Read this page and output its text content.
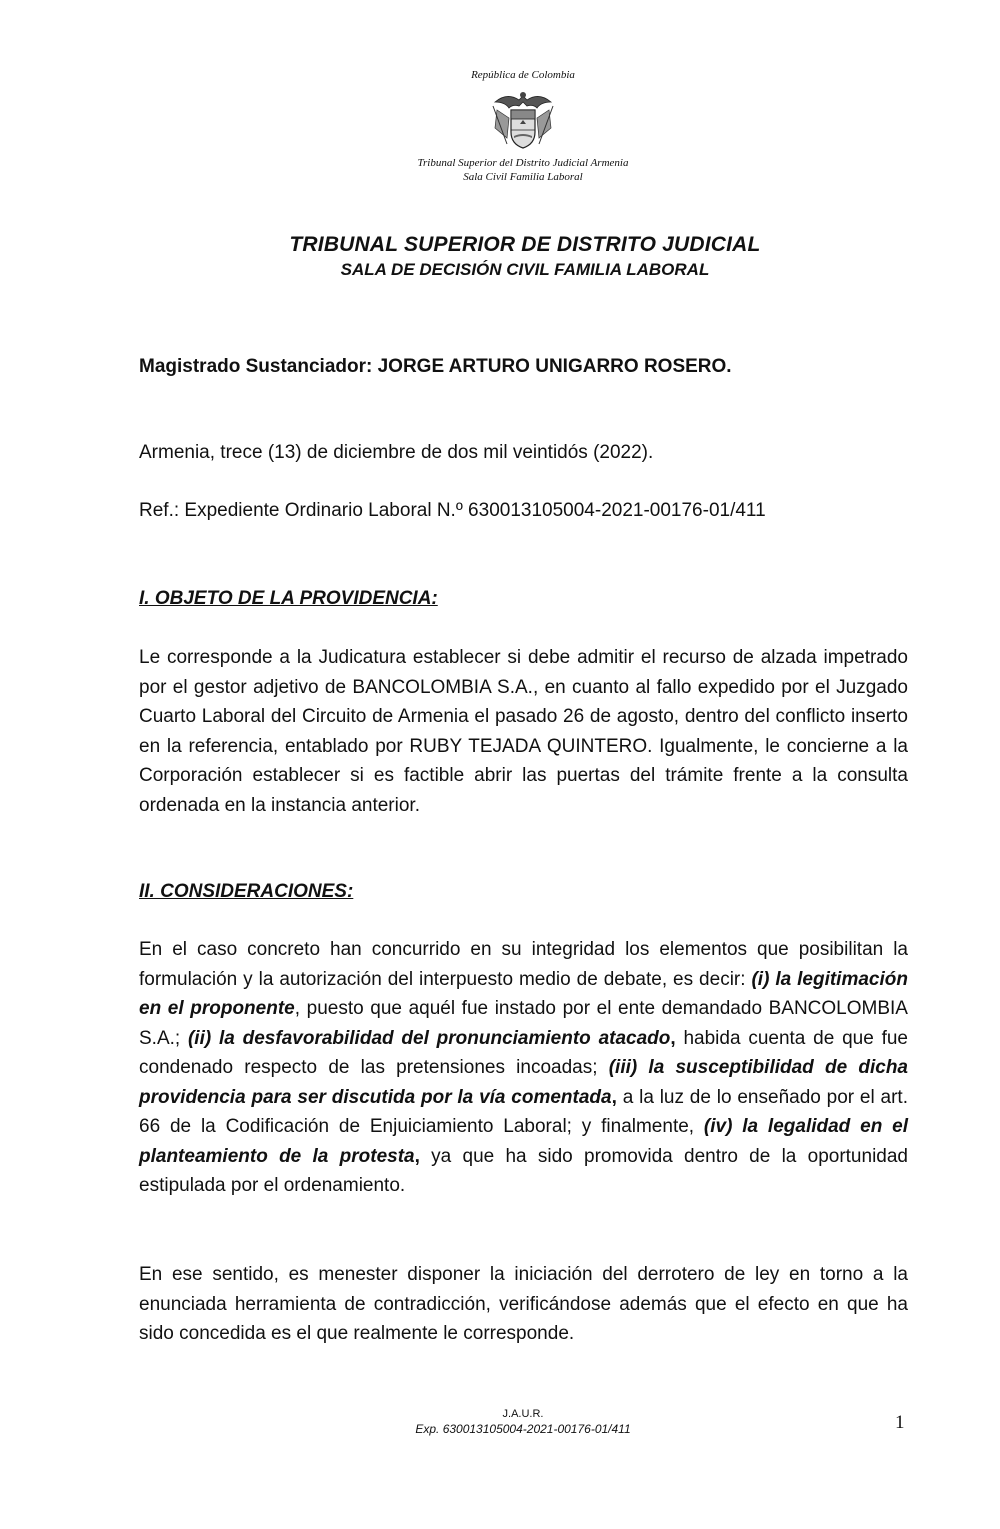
República de Colombia
Tribunal Superior del Distrito Judicial Armenia
Sala Civil Familia Laboral
TRIBUNAL SUPERIOR DE DISTRITO JUDICIAL
SALA DE DECISIÓN CIVIL FAMILIA LABORAL
Magistrado Sustanciador: JORGE ARTURO UNIGARRO ROSERO.
Armenia, trece (13) de diciembre de dos mil veintidós (2022).
Ref.: Expediente Ordinario Laboral N.º 630013105004-2021-00176-01/411
I. OBJETO DE LA PROVIDENCIA:
Le corresponde a la Judicatura establecer si debe admitir el recurso de alzada impetrado por el gestor adjetivo de BANCOLOMBIA S.A., en cuanto al fallo expedido por el Juzgado Cuarto Laboral del Circuito de Armenia el pasado 26 de agosto, dentro del conflicto inserto en la referencia, entablado por RUBY TEJADA QUINTERO. Igualmente, le concierne a la Corporación establecer si es factible abrir las puertas del trámite frente a la consulta ordenada en la instancia anterior.
II. CONSIDERACIONES:
En el caso concreto han concurrido en su integridad los elementos que posibilitan la formulación y la autorización del interpuesto medio de debate, es decir: (i) la legitimación en el proponente, puesto que aquél fue instado por el ente demandado BANCOLOMBIA S.A.; (ii) la desfavorabilidad del pronunciamiento atacado, habida cuenta de que fue condenado respecto de las pretensiones incoadas; (iii) la susceptibilidad de dicha providencia para ser discutida por la vía comentada, a la luz de lo enseñado por el art. 66 de la Codificación de Enjuiciamiento Laboral; y finalmente, (iv) la legalidad en el planteamiento de la protesta, ya que ha sido promovida dentro de la oportunidad estipulada por el ordenamiento.
En ese sentido, es menester disponer la iniciación del derrotero de ley en torno a la enunciada herramienta de contradicción, verificándose además que el efecto en que ha sido concedida es el que realmente le corresponde.
J.A.U.R.
Exp. 630013105004-2021-00176-01/411	1
